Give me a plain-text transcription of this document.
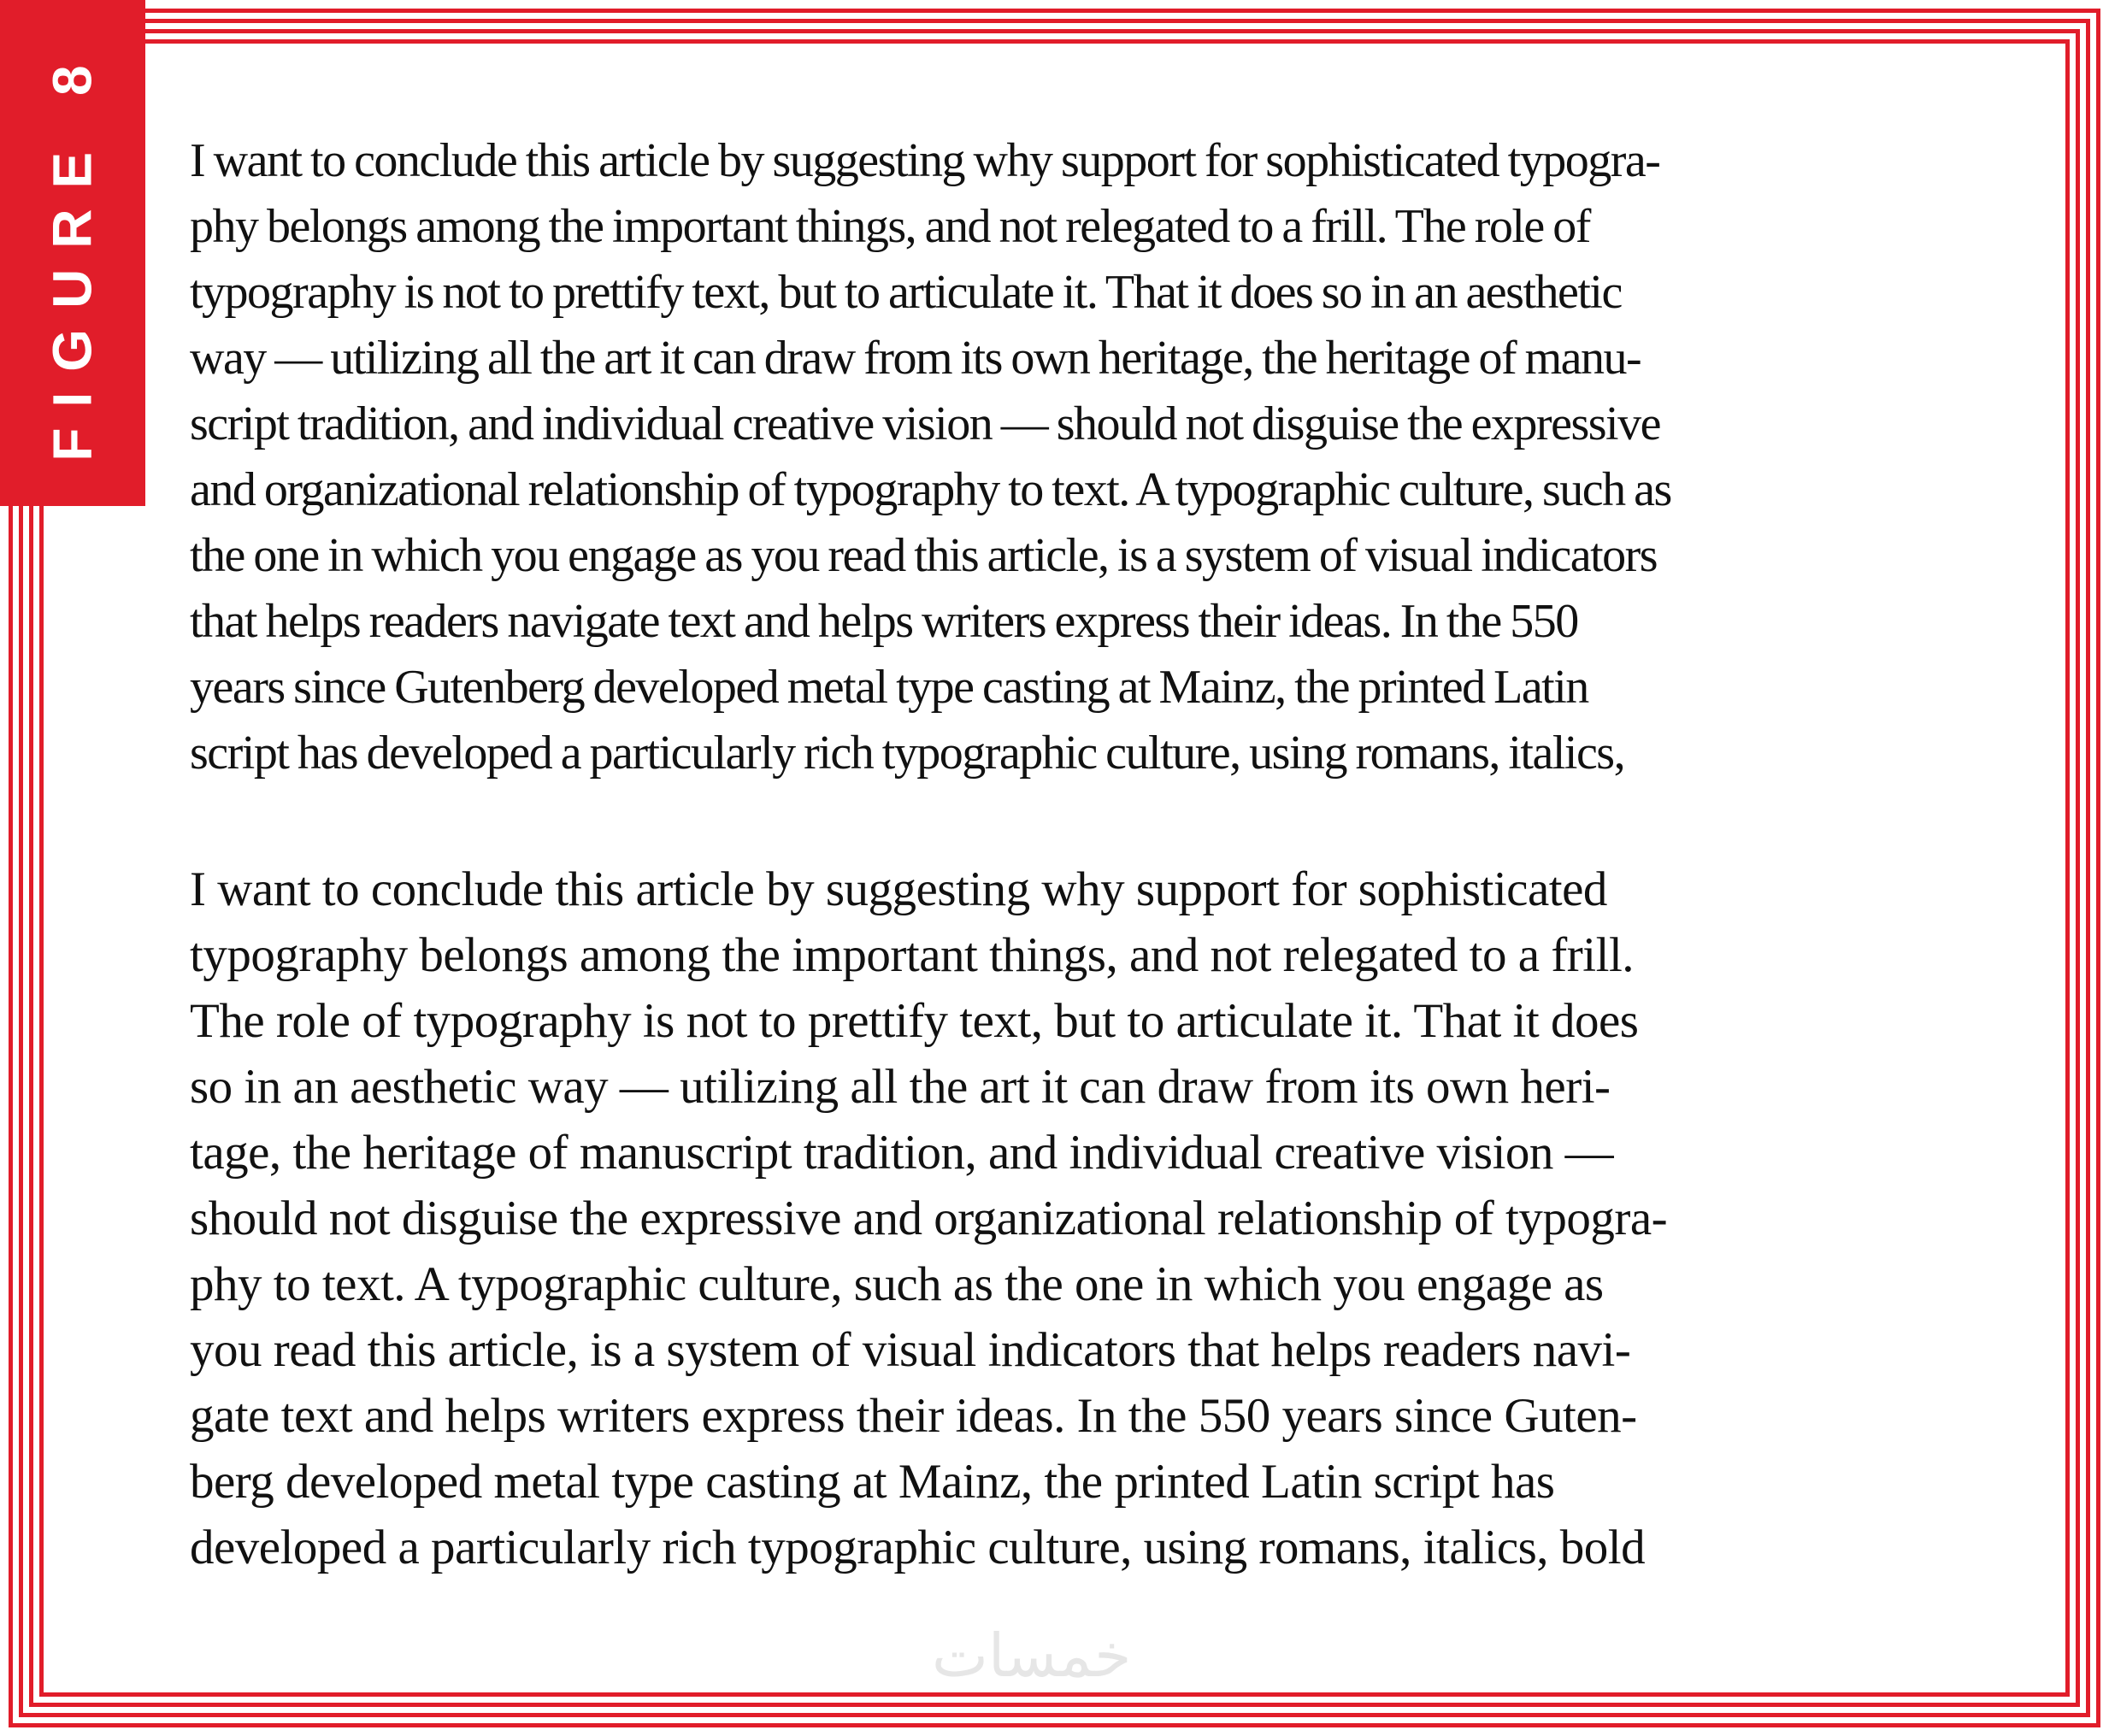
FIGURE 8 I want to conclude this article by suggesting why support for sophisticated typogra-
phy belongs among the important things, and not relegated to a frill. The role of
typography is not to prettify text, but to articulate it. That it does so in an aesthetic
way — utilizing all the art it can draw from its own heritage, the heritage of manu-
script tradition, and individual creative vision — should not disguise the expressive
and organizational relationship of typography to text. A typographic culture, such as
the one in which you engage as you read this article, is a system of visual indicators
that helps readers navigate text and helps writers express their ideas. In the 550
years since Gutenberg developed metal type casting at Mainz, the printed Latin
script has developed a particularly rich typographic culture, using romans, italics,

I want to conclude this article by suggesting why support for sophisticated
typography belongs among the important things, and not relegated to a frill.
The role of typography is not to prettify text, but to articulate it. That it does
so in an aesthetic way — utilizing all the art it can draw from its own heri-
tage, the heritage of manuscript tradition, and individual creative vision —
should not disguise the expressive and organizational relationship of typogra-
phy to text. A typographic culture, such as the one in which you engage as
you read this article, is a system of visual indicators that helps readers navi-
gate text and helps writers express their ideas. In the 550 years since Guten-
berg developed metal type casting at Mainz, the printed Latin script has
developed a particularly rich typographic culture, using romans, italics, bold

خمسات
